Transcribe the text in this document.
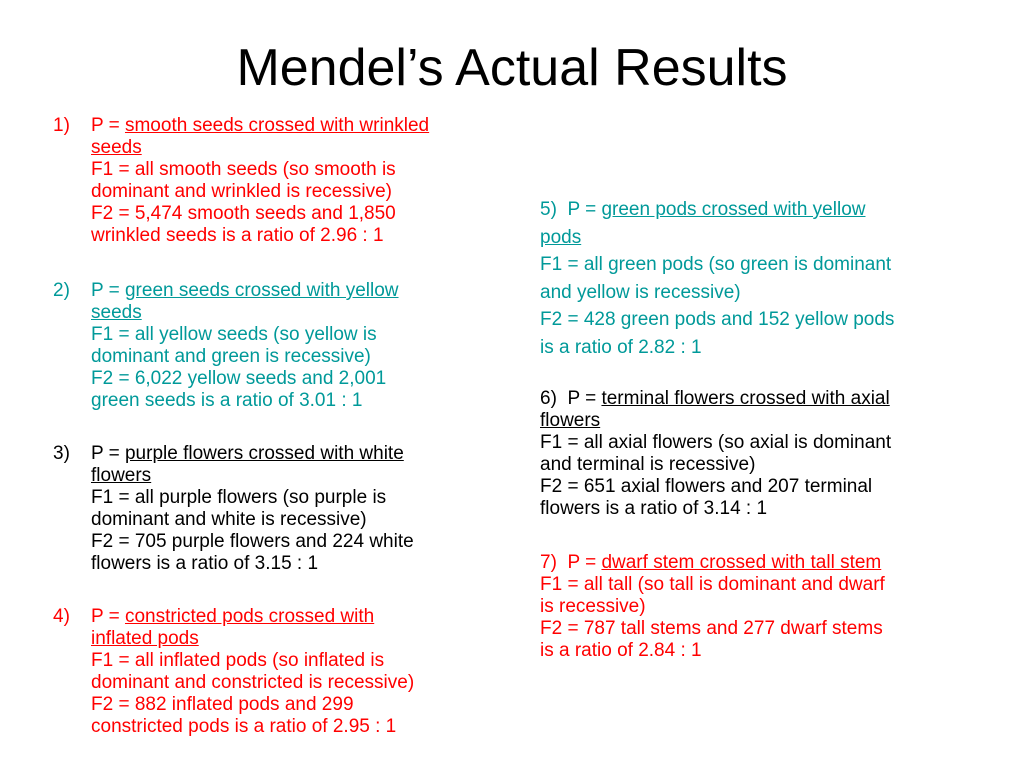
Mendel’s Actual Results
1) P = smooth seeds crossed with wrinkled
seeds
F1 = all smooth seeds (so smooth is
dominant and wrinkled is recessive)
F2 = 5,474 smooth seeds and 1,850
wrinkled seeds is a ratio of 2.96 : 1
2) P = green seeds crossed with yellow
seeds
F1 = all yellow seeds (so yellow is
dominant and green is recessive)
F2 = 6,022 yellow seeds and 2,001
green seeds is a ratio of 3.01 : 1
3) P = purple flowers crossed with white
flowers
F1 = all purple flowers (so purple is
dominant and white is recessive)
F2 = 705 purple flowers and 224 white
flowers is a ratio of 3.15 : 1
4) P = constricted pods crossed with
inflated pods
F1 = all inflated pods (so inflated is
dominant and constricted is recessive)
F2 = 882 inflated pods and 299
constricted pods is a ratio of 2.95 : 1
5) P = green pods crossed with yellow
pods
F1 = all green pods (so green is dominant
and yellow is recessive)
F2 = 428 green pods and 152 yellow pods
is a ratio of 2.82 : 1
6) P = terminal flowers crossed with axial
flowers
F1 = all axial flowers (so axial is dominant
and terminal is recessive)
F2 = 651 axial flowers and 207 terminal
flowers is a ratio of 3.14 : 1
7) P = dwarf stem crossed with tall stem
F1 = all tall (so tall is dominant and dwarf
is recessive)
F2 = 787 tall stems and 277 dwarf stems
is a ratio of 2.84 : 1
